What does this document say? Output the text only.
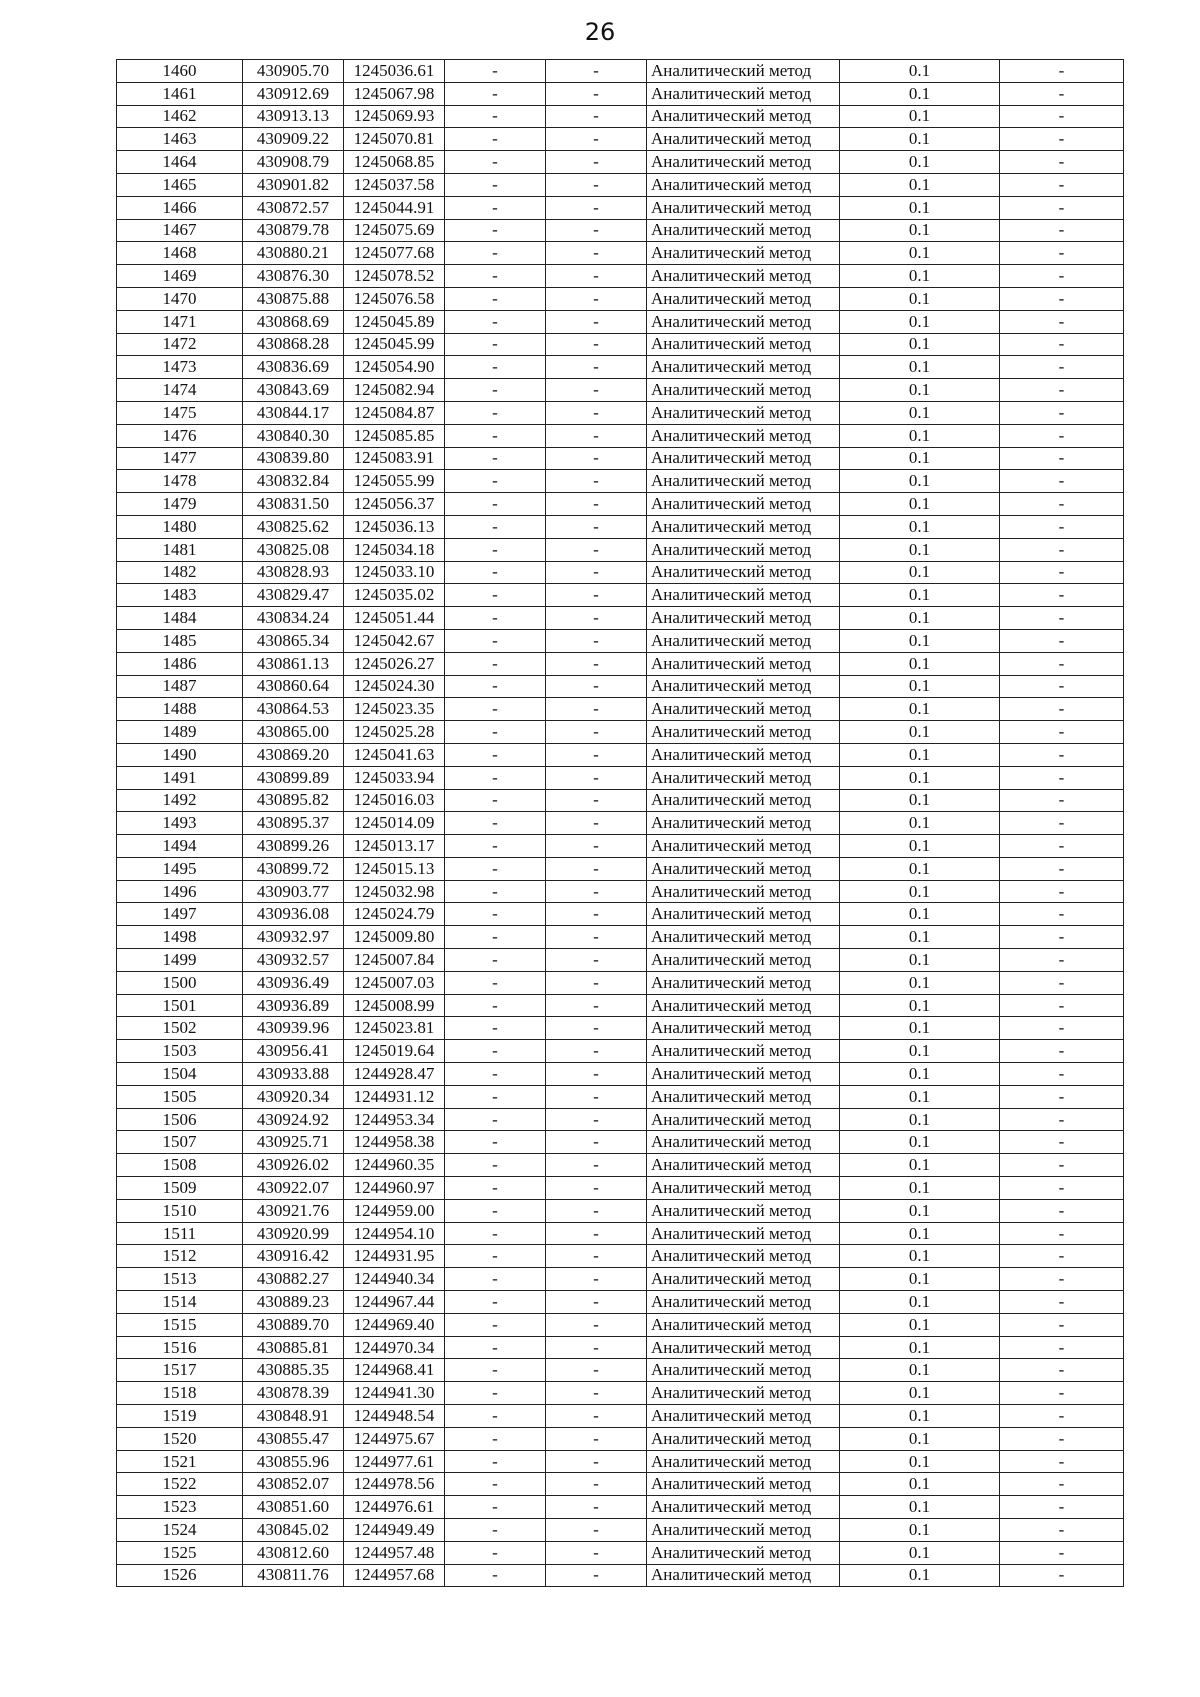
26
1460	430905.70	1245036.61	-	-	Аналитический метод	0.1	-
1461	430912.69	1245067.98	-	-	Аналитический метод	0.1	-
1462	430913.13	1245069.93	-	-	Аналитический метод	0.1	-
1463	430909.22	1245070.81	-	-	Аналитический метод	0.1	-
1464	430908.79	1245068.85	-	-	Аналитический метод	0.1	-
1465	430901.82	1245037.58	-	-	Аналитический метод	0.1	-
1466	430872.57	1245044.91	-	-	Аналитический метод	0.1	-
1467	430879.78	1245075.69	-	-	Аналитический метод	0.1	-
1468	430880.21	1245077.68	-	-	Аналитический метод	0.1	-
1469	430876.30	1245078.52	-	-	Аналитический метод	0.1	-
1470	430875.88	1245076.58	-	-	Аналитический метод	0.1	-
1471	430868.69	1245045.89	-	-	Аналитический метод	0.1	-
1472	430868.28	1245045.99	-	-	Аналитический метод	0.1	-
1473	430836.69	1245054.90	-	-	Аналитический метод	0.1	-
1474	430843.69	1245082.94	-	-	Аналитический метод	0.1	-
1475	430844.17	1245084.87	-	-	Аналитический метод	0.1	-
1476	430840.30	1245085.85	-	-	Аналитический метод	0.1	-
1477	430839.80	1245083.91	-	-	Аналитический метод	0.1	-
1478	430832.84	1245055.99	-	-	Аналитический метод	0.1	-
1479	430831.50	1245056.37	-	-	Аналитический метод	0.1	-
1480	430825.62	1245036.13	-	-	Аналитический метод	0.1	-
1481	430825.08	1245034.18	-	-	Аналитический метод	0.1	-
1482	430828.93	1245033.10	-	-	Аналитический метод	0.1	-
1483	430829.47	1245035.02	-	-	Аналитический метод	0.1	-
1484	430834.24	1245051.44	-	-	Аналитический метод	0.1	-
1485	430865.34	1245042.67	-	-	Аналитический метод	0.1	-
1486	430861.13	1245026.27	-	-	Аналитический метод	0.1	-
1487	430860.64	1245024.30	-	-	Аналитический метод	0.1	-
1488	430864.53	1245023.35	-	-	Аналитический метод	0.1	-
1489	430865.00	1245025.28	-	-	Аналитический метод	0.1	-
1490	430869.20	1245041.63	-	-	Аналитический метод	0.1	-
1491	430899.89	1245033.94	-	-	Аналитический метод	0.1	-
1492	430895.82	1245016.03	-	-	Аналитический метод	0.1	-
1493	430895.37	1245014.09	-	-	Аналитический метод	0.1	-
1494	430899.26	1245013.17	-	-	Аналитический метод	0.1	-
1495	430899.72	1245015.13	-	-	Аналитический метод	0.1	-
1496	430903.77	1245032.98	-	-	Аналитический метод	0.1	-
1497	430936.08	1245024.79	-	-	Аналитический метод	0.1	-
1498	430932.97	1245009.80	-	-	Аналитический метод	0.1	-
1499	430932.57	1245007.84	-	-	Аналитический метод	0.1	-
1500	430936.49	1245007.03	-	-	Аналитический метод	0.1	-
1501	430936.89	1245008.99	-	-	Аналитический метод	0.1	-
1502	430939.96	1245023.81	-	-	Аналитический метод	0.1	-
1503	430956.41	1245019.64	-	-	Аналитический метод	0.1	-
1504	430933.88	1244928.47	-	-	Аналитический метод	0.1	-
1505	430920.34	1244931.12	-	-	Аналитический метод	0.1	-
1506	430924.92	1244953.34	-	-	Аналитический метод	0.1	-
1507	430925.71	1244958.38	-	-	Аналитический метод	0.1	-
1508	430926.02	1244960.35	-	-	Аналитический метод	0.1	-
1509	430922.07	1244960.97	-	-	Аналитический метод	0.1	-
1510	430921.76	1244959.00	-	-	Аналитический метод	0.1	-
1511	430920.99	1244954.10	-	-	Аналитический метод	0.1	-
1512	430916.42	1244931.95	-	-	Аналитический метод	0.1	-
1513	430882.27	1244940.34	-	-	Аналитический метод	0.1	-
1514	430889.23	1244967.44	-	-	Аналитический метод	0.1	-
1515	430889.70	1244969.40	-	-	Аналитический метод	0.1	-
1516	430885.81	1244970.34	-	-	Аналитический метод	0.1	-
1517	430885.35	1244968.41	-	-	Аналитический метод	0.1	-
1518	430878.39	1244941.30	-	-	Аналитический метод	0.1	-
1519	430848.91	1244948.54	-	-	Аналитический метод	0.1	-
1520	430855.47	1244975.67	-	-	Аналитический метод	0.1	-
1521	430855.96	1244977.61	-	-	Аналитический метод	0.1	-
1522	430852.07	1244978.56	-	-	Аналитический метод	0.1	-
1523	430851.60	1244976.61	-	-	Аналитический метод	0.1	-
1524	430845.02	1244949.49	-	-	Аналитический метод	0.1	-
1525	430812.60	1244957.48	-	-	Аналитический метод	0.1	-
1526	430811.76	1244957.68	-	-	Аналитический метод	0.1	-
